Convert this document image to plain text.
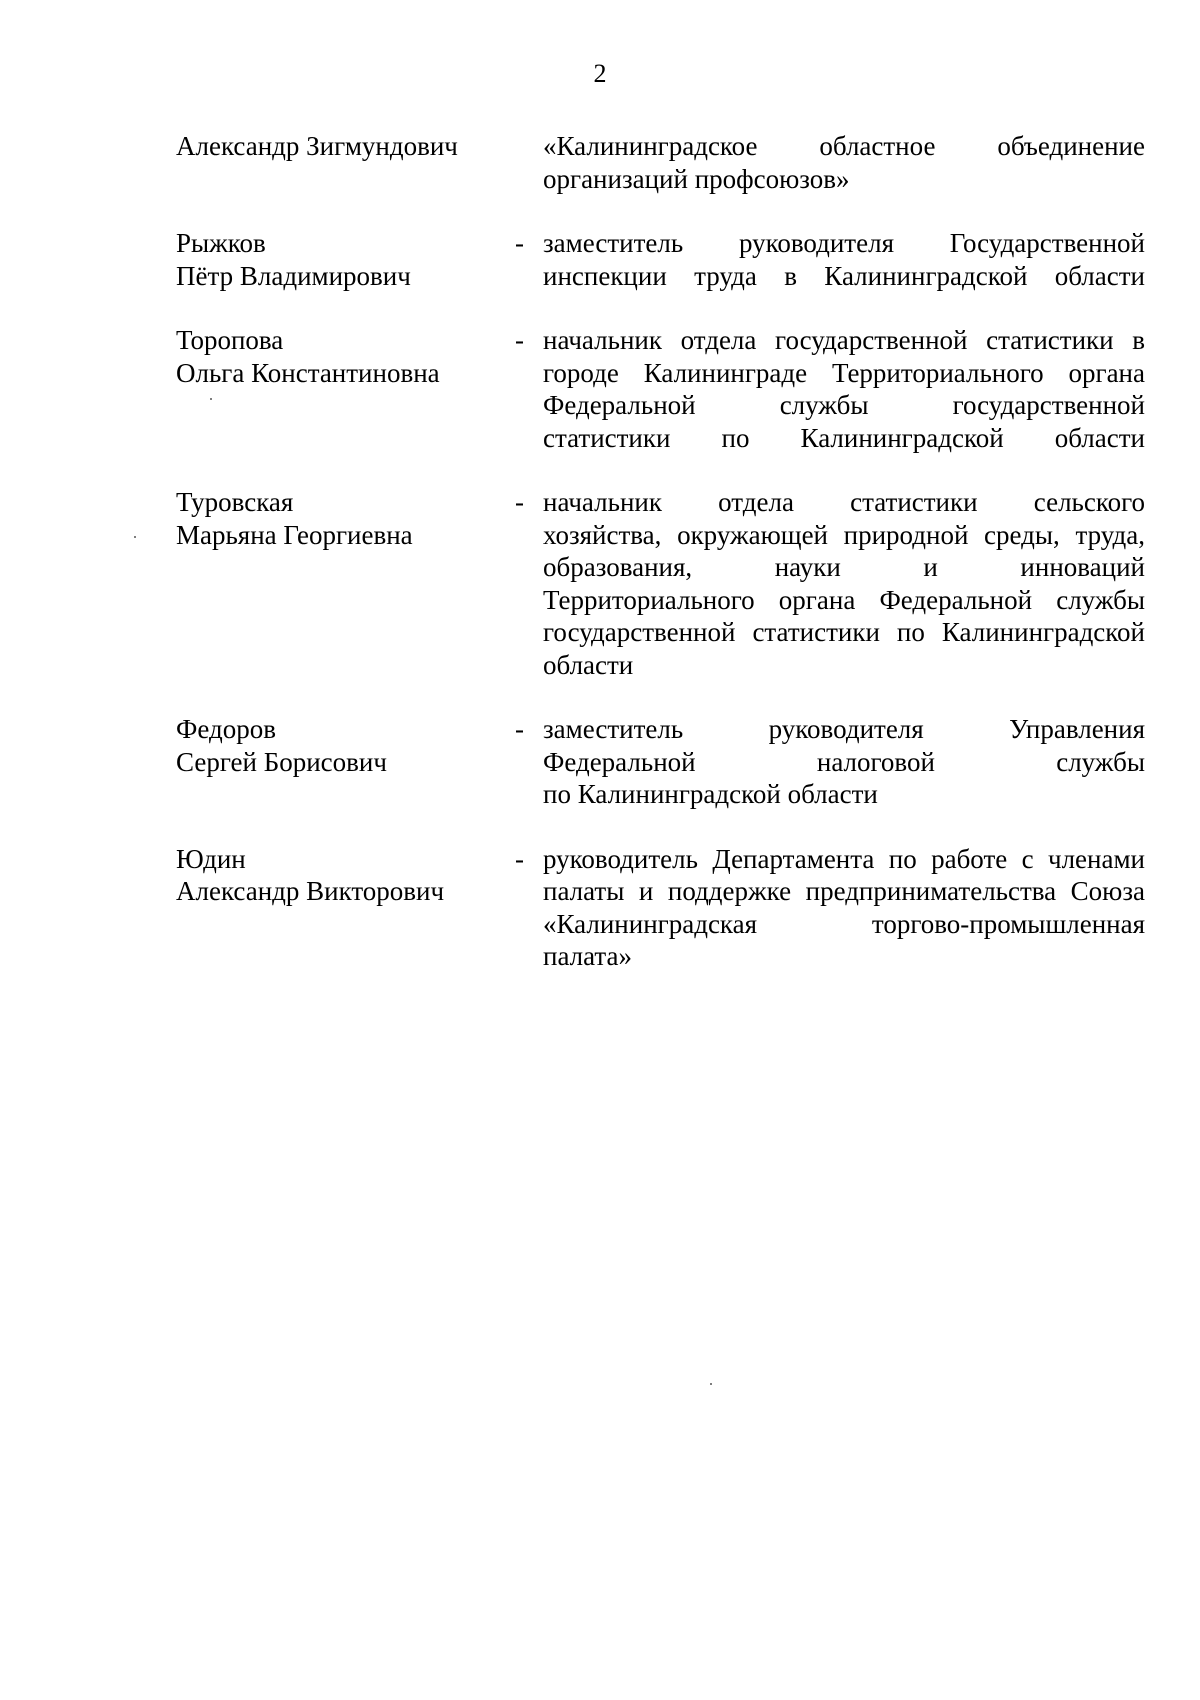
2
Александр Зигмундович	«Калининградское областное объединение
организаций профсоюзов»
Рыжков
Пётр Владимирович
- заместитель руководителя Государственной
инспекции труда в Калининградской области
Торопова
Ольга Константиновна
- начальник отдела государственной статистики в
городе Калининграде Территориального органа
Федеральной службы государственной
статистики по Калининградской области
Туровская
Марьяна Георгиевна
- начальник отдела статистики сельского
хозяйства, окружающей природной среды, труда,
образования, науки и инноваций
Территориального органа Федеральной службы
государственной статистики по Калининградской
области
Федоров
Сергей Борисович
- заместитель руководителя Управления
Федеральной налоговой службы
по Калининградской области
Юдин
Александр Викторович
- руководитель Департамента по работе с членами
палаты и поддержке предпринимательства Союза
«Калининградская торгово-промышленная
палата»
